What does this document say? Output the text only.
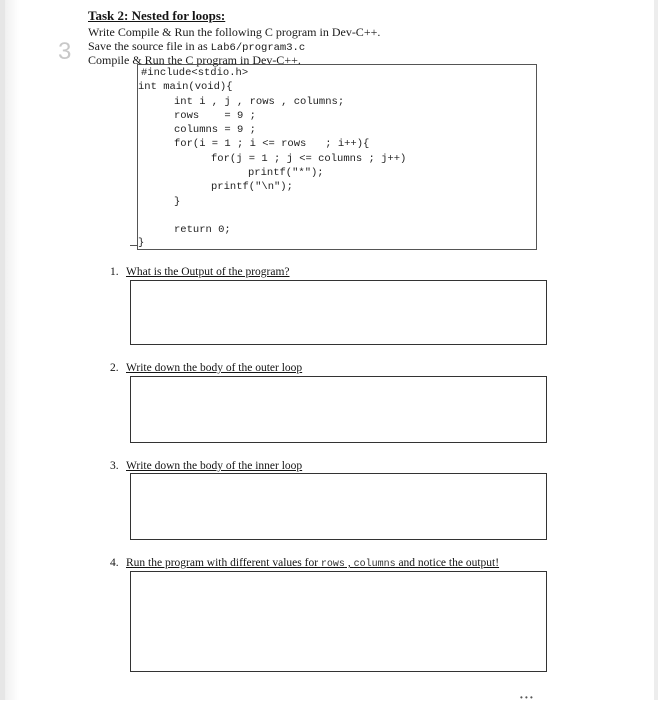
3
Task 2: Nested for loops:
Write Compile & Run the following C program in Dev-C++.
Save the source file in as Lab6/program3.c
Compile & Run the C program in Dev-C++.
#include<stdio.h>
int main(void){
int i , j , rows , columns;
rows    = 9 ;
columns = 9 ;
for(i = 1 ; i <= rows   ; i++){
for(j = 1 ; j <= columns ; j++)
printf("*");
printf("\n");
}
return 0;
}
1. What is the Output of the program?
2. Write down the body of the outer loop
3. Write down the body of the inner loop
4. Run the program with different values for rows , columns and notice the output!
• • •
